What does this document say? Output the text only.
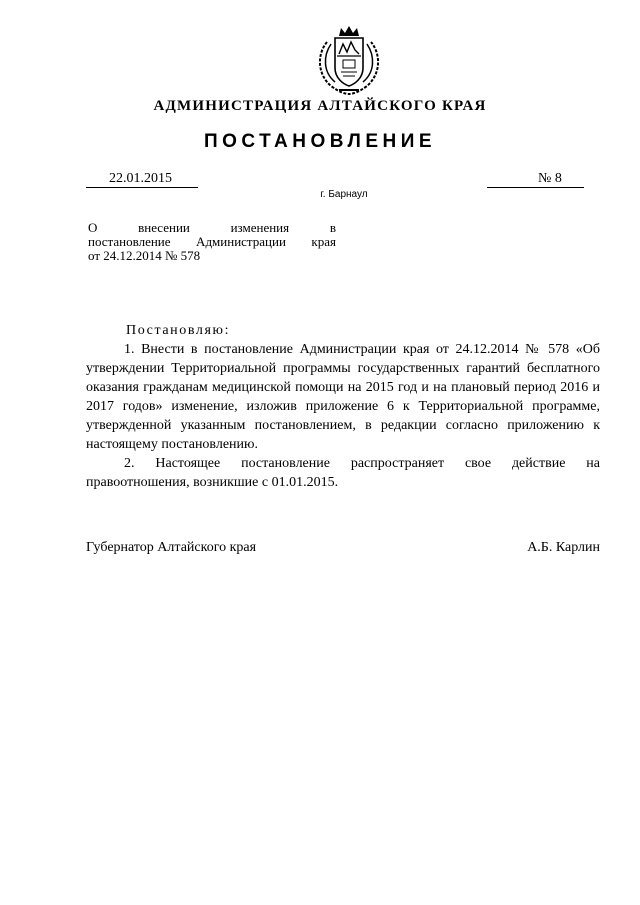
АДМИНИСТРАЦИЯ АЛТАЙСКОГО КРАЯ
ПОСТАНОВЛЕНИЕ
22.01.2015	№ 8
г. Барнаул
О	внесении	изменения	в
постановление Администрации края
от 24.12.2014 № 578
Постановляю:

1. Внести в постановление Администрации края от 24.12.2014 № 578 «Об утверждении Территориальной программы государственных гарантий бесплатного оказания гражданам медицинской помощи на 2015 год и на плановый период 2016 и 2017 годов» изменение, изложив приложение 6 к Территориальной программе, утвержденной указанным постановлением, в редакции согласно приложению к настоящему постановлению.

2. Настоящее постановление распространяет свое действие на правоотношения, возникшие с 01.01.2015.

Губернатор Алтайского края	А.Б. Карлин
